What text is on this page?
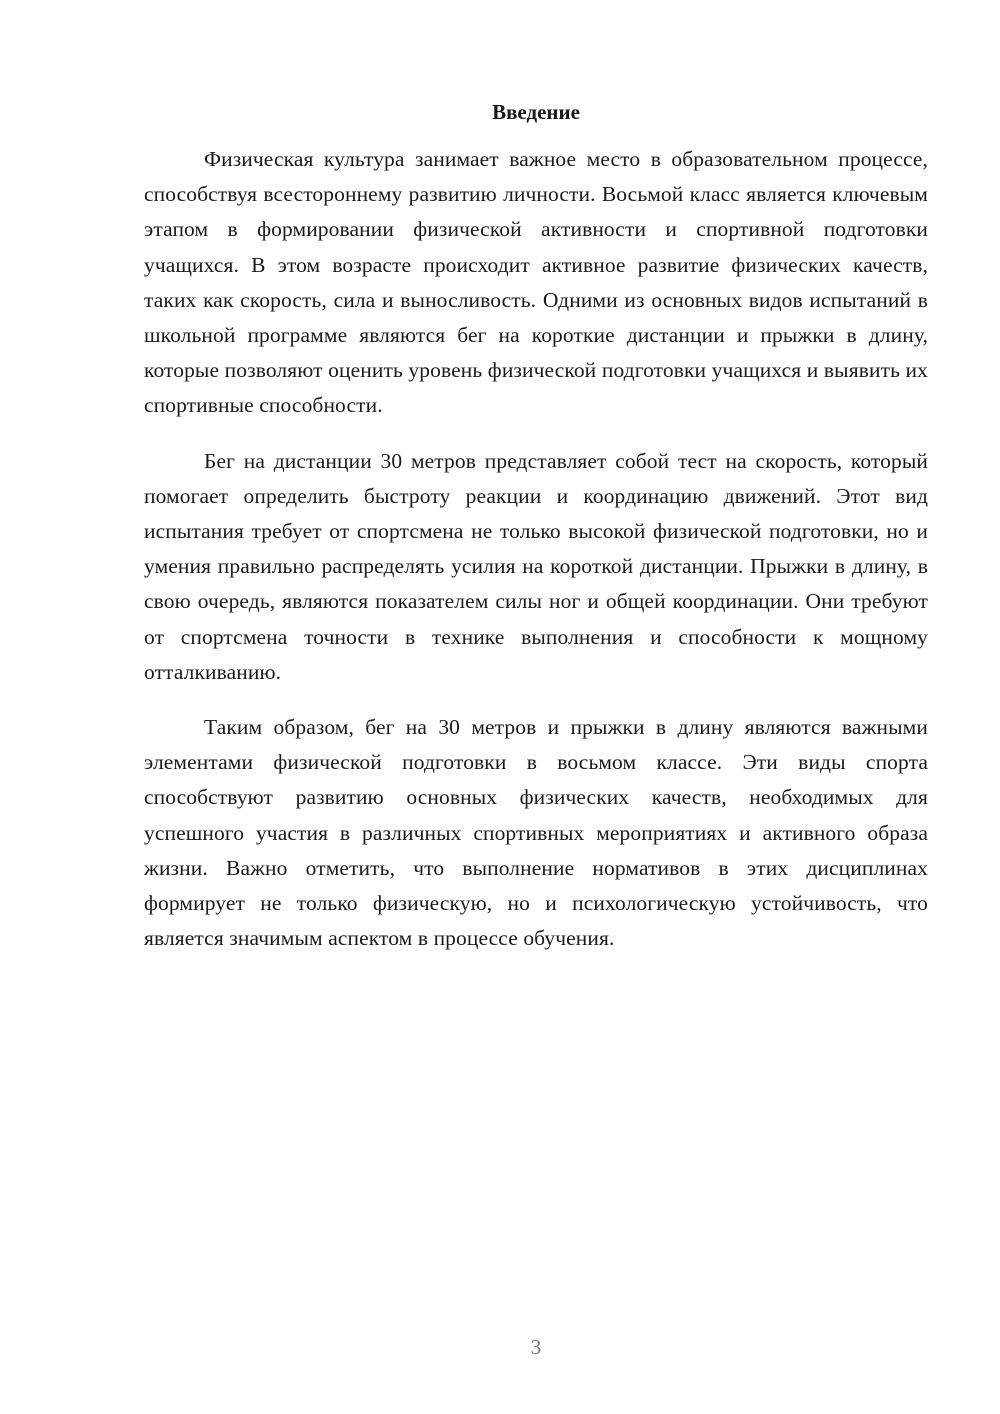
Введение

Физическая культура занимает важное место в образовательном процессе, способствуя всестороннему развитию личности. Восьмой класс является ключевым этапом в формировании физической активности и спортивной подготовки учащихся. В этом возрасте происходит активное развитие физических качеств, таких как скорость, сила и выносливость. Одними из основных видов испытаний в школьной программе являются бег на короткие дистанции и прыжки в длину, которые позволяют оценить уровень физической подготовки учащихся и выявить их спортивные способности.

Бег на дистанции 30 метров представляет собой тест на скорость, который помогает определить быстроту реакции и координацию движений. Этот вид испытания требует от спортсмена не только высокой физической подготовки, но и умения правильно распределять усилия на короткой дистанции. Прыжки в длину, в свою очередь, являются показателем силы ног и общей координации. Они требуют от спортсмена точности в технике выполнения и способности к мощному отталкиванию.

Таким образом, бег на 30 метров и прыжки в длину являются важными элементами физической подготовки в восьмом классе. Эти виды спорта способствуют развитию основных физических качеств, необходимых для успешного участия в различных спортивных мероприятиях и активного образа жизни. Важно отметить, что выполнение нормативов в этих дисциплинах формирует не только физическую, но и психологическую устойчивость, что является значимым аспектом в процессе обучения.

3
